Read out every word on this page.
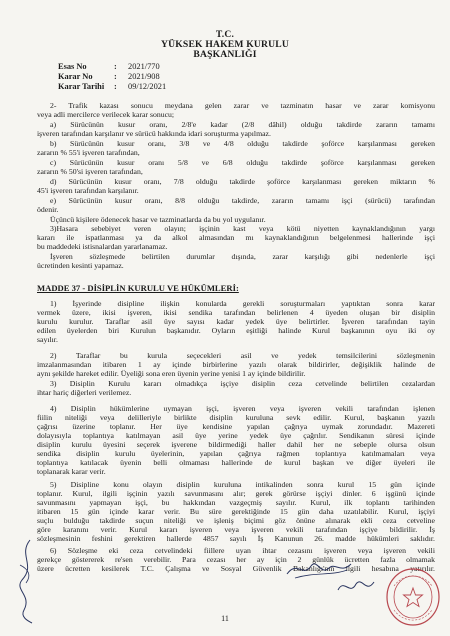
T.C.
YÜKSEK HAKEM KURULU
BAŞKANLIĞI
Esas No	: 2021/770
Karar No	: 2021/908
Karar Tarihi : 09/12/2021
2- Trafik kazası sonucu meydana gelen zarar ve tazminatın hasar ve zarar komisyonu
veya adli mercilerce verilecek karar sonucu;
a) Sürücünün kusur oranı, 2/8'e kadar (2/8 dâhil) olduğu takdirde zararın tamamı
işveren tarafından karşılanır ve sürücü hakkında idari soruşturma yapılmaz.
b) Sürücünün kusur oranı, 3/8 ve 4/8 olduğu takdirde şoförce karşılanması gereken
zararın % 55'i işveren tarafından,
c) Sürücünün kusur oranı 5/8 ve 6/8 olduğu takdirde şoförce karşılanması gereken
zararın % 50'si işveren tarafından,
d) Sürücünün kusur oranı, 7/8 olduğu takdirde şoförce karşılanması gereken miktarın %
45'i işveren tarafından karşılanır.
e) Sürücünün kusur oranı, 8/8 olduğu takdirde, zararın tamamı işçi (sürücü) tarafından
ödenir.
Üçüncü kişilere ödenecek hasar ve tazminatlarda da bu yol uygulanır.
3)Hasara sebebiyet veren olayın; işçinin kast veya kötü niyetten kaynaklandığının yargı
kararı ile ispatlanması ya da alkol almasından mı kaynaklandığının belgelenmesi hallerinde işçi
bu maddedeki istisnalardan yararlanamaz.
İşveren sözleşmede belirtilen durumlar dışında, zarar karşılığı gibi nedenlerle işçi
ücretinden kesinti yapamaz.
MADDE 37 - DİSİPLİN KURULU VE HÜKÜMLERİ:
1) İşyerinde disipline ilişkin konularda gerekli soruşturmaları yaptıktan sonra karar
vermek üzere, ikisi işveren, ikisi sendika tarafından belirlenen 4 üyeden oluşan bir disiplin
kurulu kurulur. Taraflar asil üye sayısı kadar yedek üye belirtirler. İşveren tarafından tayin
edilen üyelerden biri Kurulun başkanıdır. Oyların eşitliği halinde Kurul başkanının oyu iki oy
sayılır.
2) Taraflar bu kurula seçecekleri asil ve yedek temsilcilerini sözleşmenin
imzalanmasından itibaren 1 ay içinde birbirlerine yazılı olarak bildirirler, değişiklik halinde de
aynı şekilde hareket edilir. Üyeliği sona eren üyenin yerine yenisi 1 ay içinde bildirilir.
3) Disiplin Kurulu kararı olmadıkça işçiye disiplin ceza cetvelinde belirtilen cezalardan
ihtar hariç diğerleri verilemez.
4) Disiplin hükümlerine uymayan işçi, işveren veya işveren vekili tarafından işlenen
fiilin niteliği veya delilleriyle birlikte disiplin kuruluna sevk edilir. Kurul, başkanın yazılı
çağrısı üzerine toplanır. Her üye kendisine yapılan çağrıya uymak zorundadır. Mazereti
dolayısıyla toplantıya katılmayan asil üye yerine yedek üye çağrılır. Sendikanın süresi içinde
disiplin kurulu üyesini seçerek işverene bildirmediği haller dahil her ne sebeple olursa olsun
sendika disiplin kurulu üyelerinin, yapılan çağrıya rağmen toplantıya katılmamaları veya
toplantıya katılacak üyenin belli olmaması hallerinde de kurul başkan ve diğer üyeleri ile
toplanarak karar verir.
5) Disipline konu olayın disiplin kuruluna intikalinden sonra kurul 15 gün içinde
toplanır. Kurul, ilgili işçinin yazılı savunmasını alır; gerek görürse işçiyi dinler. 6 işgünü içinde
savunmasını yapmayan işçi, bu hakkından vazgeçmiş sayılır. Kurul, ilk toplantı tarihinden
itibaren 15 gün içinde karar verir. Bu süre gerektiğinde 15 gün daha uzatılabilir. Kurul, işçiyi
suçlu bulduğu takdirde suçun niteliği ve işleniş biçimi göz önüne alınarak ekli ceza cetveline
göre karanını verir. Kurul kararı işveren veya işveren vekili tarafından işçiye bildirilir. İş
sözleşmesinin feshini gerektiren hallerde 4857 sayılı İş Kanunun 26. madde hükümleri saklıdır.
6) Sözleşme eki ceza cetvelindeki fiillere uyan ihtar cezasını işveren veya işveren vekili
gerekçe göstererek re'sen verebilir. Para cezası her ay için 2 günlük ücretten fazla olmamak
üzere ücretten kesilerek T.C. Çalışma ve Sosyal Güvenlik Bakanlığı'nın ilgili hesabına yatırılır.
11
